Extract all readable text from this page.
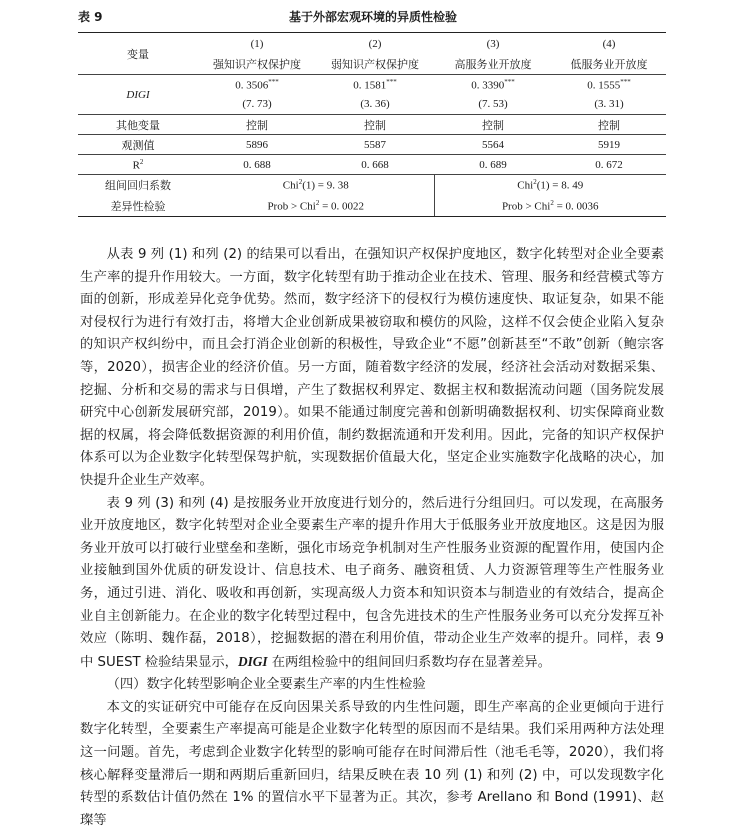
表 9	基于外部宏观环境的异质性检验
变量	(1)	(2)	(3)	(4)
	强知识产权保护度	弱知识产权保护度	高服务业开放度	低服务业开放度
DIGI	0. 3506***	0. 1581***	0. 3390***	0. 1555***
	(7. 73)	(3. 36)	(7. 53)	(3. 31)
其他变量	控制	控制	控制	控制
观测值	5896	5587	5564	5919
$R^2$	0. 688	0. 668	0. 689	0. 672
组间回归系数	Chi$^2$(1) = 9. 38		Chi$^2$(1) = 8. 49	
差异性检验	Prob > Chi$^2$ = 0. 0022		Prob > Chi$^2$ = 0. 0036	

从表 9 列 (1) 和列 (2) 的结果可以看出，在强知识产权保护度地区，数字化转型对企业全要素生产率的提升作用较大。一方面，数字化转型有助于推动企业在技术、管理、服务和经营模式等方面的创新，形成差异化竞争优势。然而，数字经济下的侵权行为模仿速度快、取证复杂，如果不能对侵权行为进行有效打击，将增大企业创新成果被窃取和模仿的风险，这样不仅会使企业陷入复杂的知识产权纠纷中，而且会打消企业创新的积极性，导致企业“不愿”创新甚至“不敢”创新（鲍宗客等，2020），损害企业的经济价值。另一方面，随着数字经济的发展，经济社会活动对数据采集、挖掘、分析和交易的需求与日俱增，产生了数据权利界定、数据主权和数据流动问题（国务院发展研究中心创新发展研究部，2019）。如果不能通过制度完善和创新明确数据权利、切实保障商业数据的权属，将会降低数据资源的利用价值，制约数据流通和开发利用。因此，完备的知识产权保护体系可以为企业数字化转型保驾护航，实现数据价值最大化，坚定企业实施数字化战略的决心，加快提升企业生产效率。

表 9 列 (3) 和列 (4) 是按服务业开放度进行划分的，然后进行分组回归。可以发现，在高服务业开放度地区，数字化转型对企业全要素生产率的提升作用大于低服务业开放度地区。这是因为服务业开放可以打破行业壁垒和垄断，强化市场竞争机制对生产性服务业资源的配置作用，使国内企业接触到国外优质的研发设计、信息技术、电子商务、融资租赁、人力资源管理等生产性服务业务，通过引进、消化、吸收和再创新，实现高级人力资本和知识资本与制造业的有效结合，提高企业自主创新能力。在企业的数字化转型过程中，包含先进技术的生产性服务业务可以充分发挥互补效应（陈明、魏作磊，2018），挖掘数据的潜在利用价值，带动企业生产效率的提升。同样，表 9 中 SUEST 检验结果显示，DIGI 在两组检验中的组间回归系数均存在显著差异。

（四）数字化转型影响企业全要素生产率的内生性检验

本文的实证研究中可能存在反向因果关系导致的内生性问题，即生产率高的企业更倾向于进行数字化转型，全要素生产率提高可能是企业数字化转型的原因而不是结果。我们采用两种方法处理这一问题。首先，考虑到企业数字化转型的影响可能存在时间滞后性（池毛毛等，2020），我们将核心解释变量滞后一期和两期后重新回归，结果反映在表 10 列 (1) 和列 (2) 中，可以发现数字化转型的系数估计值仍然在 1% 的置信水平下显著为正。其次，参考 Arellano 和 Bond (1991)、赵璨等
